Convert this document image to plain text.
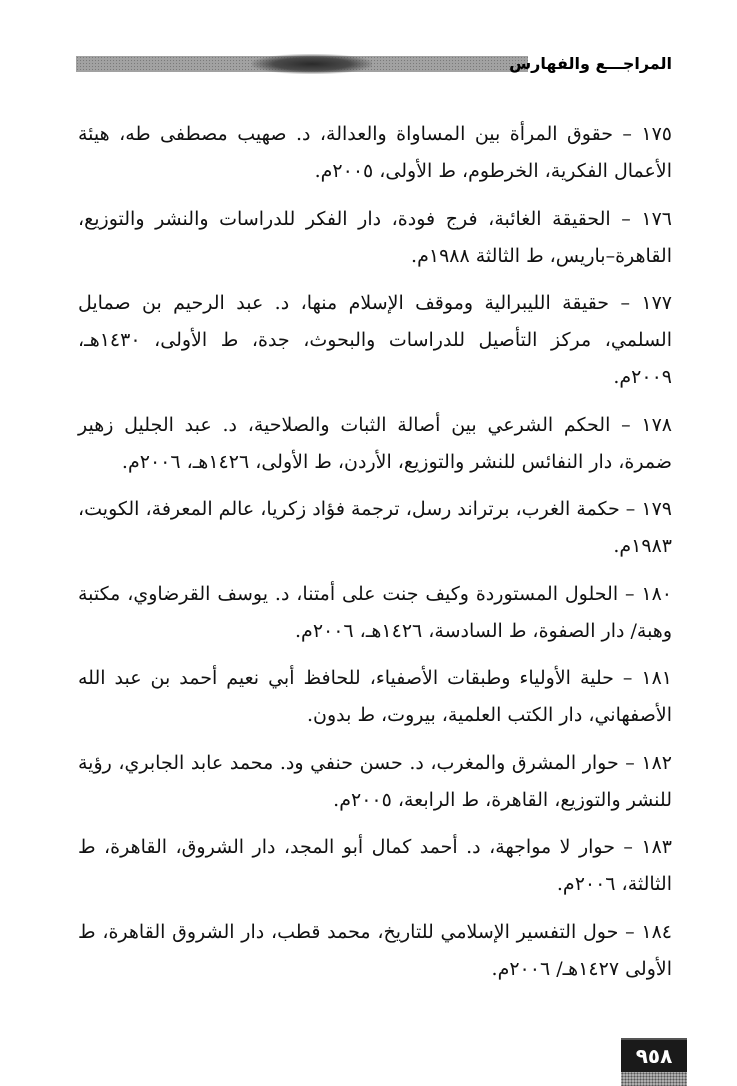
المراجـــع والفهارس

١٧٥ – حقوق المرأة بين المساواة والعدالة، د. صهيب مصطفى طه، هيئة الأعمال الفكرية، الخرطوم، ط الأولى، ٢٠٠٥م.

١٧٦ – الحقيقة الغائبة، فرج فودة، دار الفكر للدراسات والنشر والتوزيع، القاهرة–باريس، ط الثالثة ١٩٨٨م.

١٧٧ – حقيقة الليبرالية وموقف الإسلام منها، د. عبد الرحيم بن صمايل السلمي، مركز التأصيل للدراسات والبحوث، جدة، ط الأولى، ١٤٣٠هـ، ٢٠٠٩م.

١٧٨ – الحكم الشرعي بين أصالة الثبات والصلاحية، د. عبد الجليل زهير ضمرة، دار النفائس للنشر والتوزيع، الأردن، ط الأولى، ١٤٢٦هـ، ٢٠٠٦م.

١٧٩ – حكمة الغرب، برتراند رسل، ترجمة فؤاد زكريا، عالم المعرفة، الكويت، ١٩٨٣م.

١٨٠ – الحلول المستوردة وكيف جنت على أمتنا، د. يوسف القرضاوي، مكتبة وهبة/ دار الصفوة، ط السادسة، ١٤٢٦هـ، ٢٠٠٦م.

١٨١ – حلية الأولياء وطبقات الأصفياء، للحافظ أبي نعيم أحمد بن عبد الله الأصفهاني، دار الكتب العلمية، بيروت، ط بدون.

١٨٢ – حوار المشرق والمغرب، د. حسن حنفي ود. محمد عابد الجابري، رؤية للنشر والتوزيع، القاهرة، ط الرابعة، ٢٠٠٥م.

١٨٣ – حوار لا مواجهة، د. أحمد كمال أبو المجد، دار الشروق، القاهرة، ط الثالثة، ٢٠٠٦م.

١٨٤ – حول التفسير الإسلامي للتاريخ، محمد قطب، دار الشروق القاهرة، ط الأولى ١٤٢٧هـ/ ٢٠٠٦م.

٩٥٨
